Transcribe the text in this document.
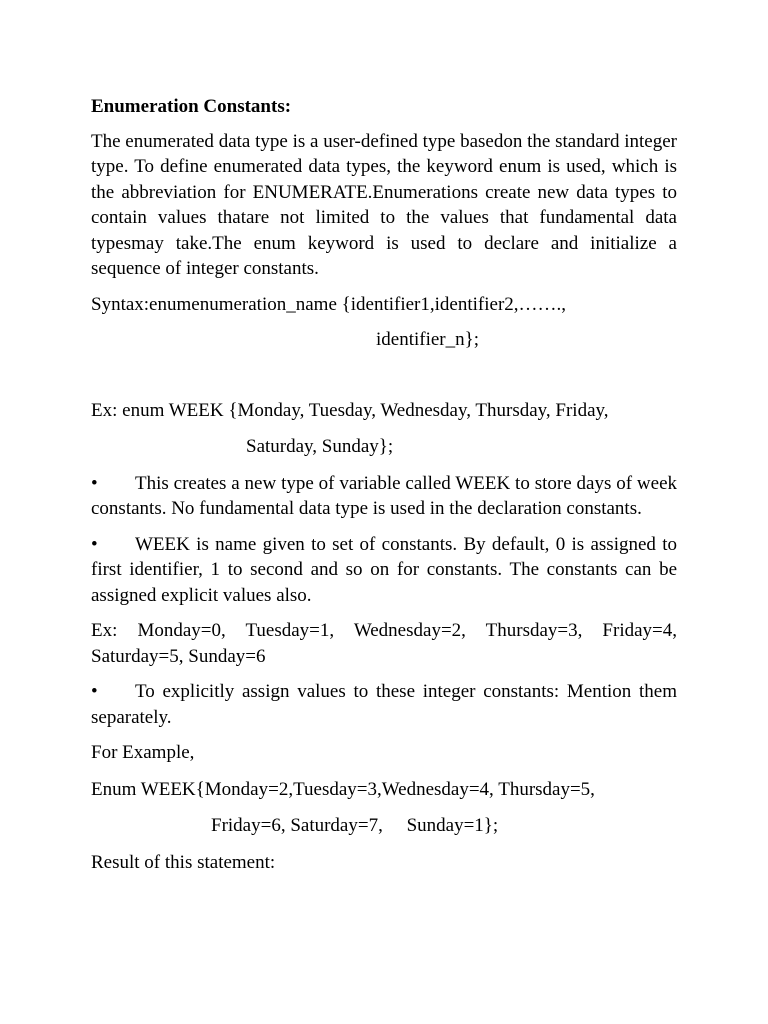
Enumeration Constants:

The enumerated data type is a user-defined type basedon the standard integer type. To define enumerated data types, the keyword enum is used, which is the abbreviation for ENUMERATE.Enumerations create new data types to contain values thatare not limited to the values that fundamental data typesmay take.The enum keyword is used to declare and initialize a sequence of integer constants.

Syntax:enumenumeration_name {identifier1,identifier2,…….,

identifier_n};

Ex: enum WEEK {Monday, Tuesday, Wednesday, Thursday, Friday,

Saturday, Sunday};

• This creates a new type of variable called WEEK to store days of week constants. No fundamental data type is used in the declaration constants.

• WEEK is name given to set of constants. By default, 0 is assigned to first identifier, 1 to second and so on for constants. The constants can be assigned explicit values also.

Ex: Monday=0, Tuesday=1, Wednesday=2, Thursday=3, Friday=4, Saturday=5, Sunday=6

• To explicitly assign values to these integer constants: Mention them separately.

For Example,

Enum WEEK{Monday=2,Tuesday=3,Wednesday=4, Thursday=5,

Friday=6, Saturday=7,     Sunday=1};

Result of this statement:
